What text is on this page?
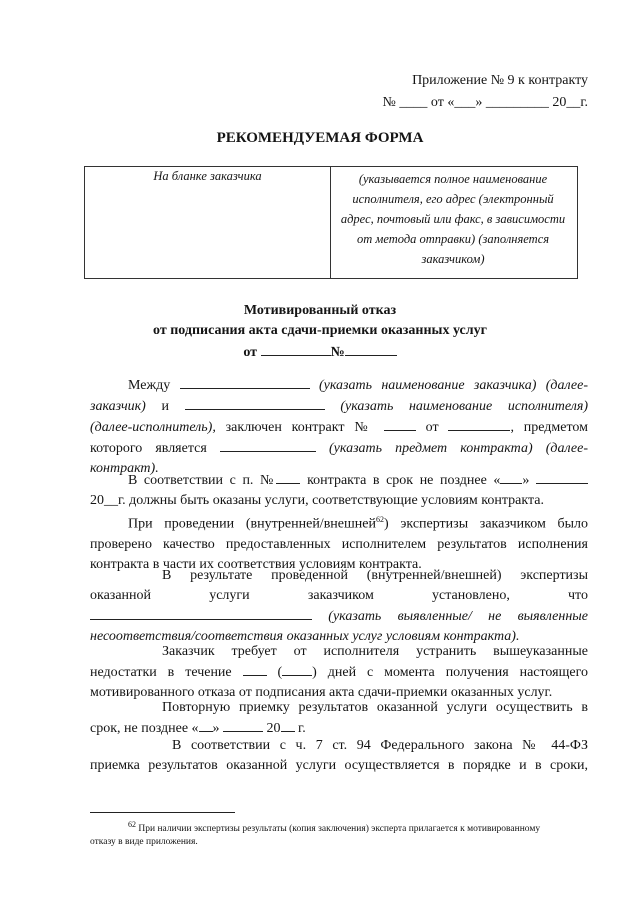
Приложение № 9 к контракту
№ ____ от «___» _________ 20__г.
РЕКОМЕНДУЕМАЯ ФОРМА
На бланке заказчика	(указывается полное наименование исполнителя, его адрес (электронный адрес, почтовый или факс, в зависимости от метода отправки) (заполняется заказчиком)
Мотивированный отказ
от подписания акта сдачи-приемки оказанных услуг
от	№
Между	(указать наименование заказчика) (далее-
заказчик) и	(указать наименование исполнителя)
(далее-исполнитель), заключен контракт №  от	, предметом
которого является	(указать предмет контракта) (далее-
контракт).
В соответствии с п. № контракта в срок не позднее « »
20__г. должны быть оказаны услуги, соответствующие условиям контракта.
При проведении (внутренней/внешней$^{62}$) экспертизы заказчиком было
проверено качество предоставленных исполнителем результатов исполнения
контракта в части их соответствия условиям контракта.
В результате проведенной (внутренней/внешней) экспертизы
оказанной услуги заказчиком установлено, что
(указать выявленные/ не выявленные
несоответствия/соответствия оказанных услуг условиям контракта).
Заказчик требует от исполнителя устранить вышеуказанные
недостатки в течение  ( ) дней с момента получения настоящего
мотивированного отказа от подписания акта сдачи-приемки оказанных услуг.
Повторную приемку результатов оказанной услуги осуществить в
срок, не позднее « »	20 г.
В соответствии с ч. 7 ст. 94 Федерального закона № 44-ФЗ
приемка результатов оказанной услуги осуществляется в порядке и в сроки,
$^{62}$ При наличии экспертизы результаты (копия заключения) эксперта прилагается к мотивированному
отказу в виде приложения.
